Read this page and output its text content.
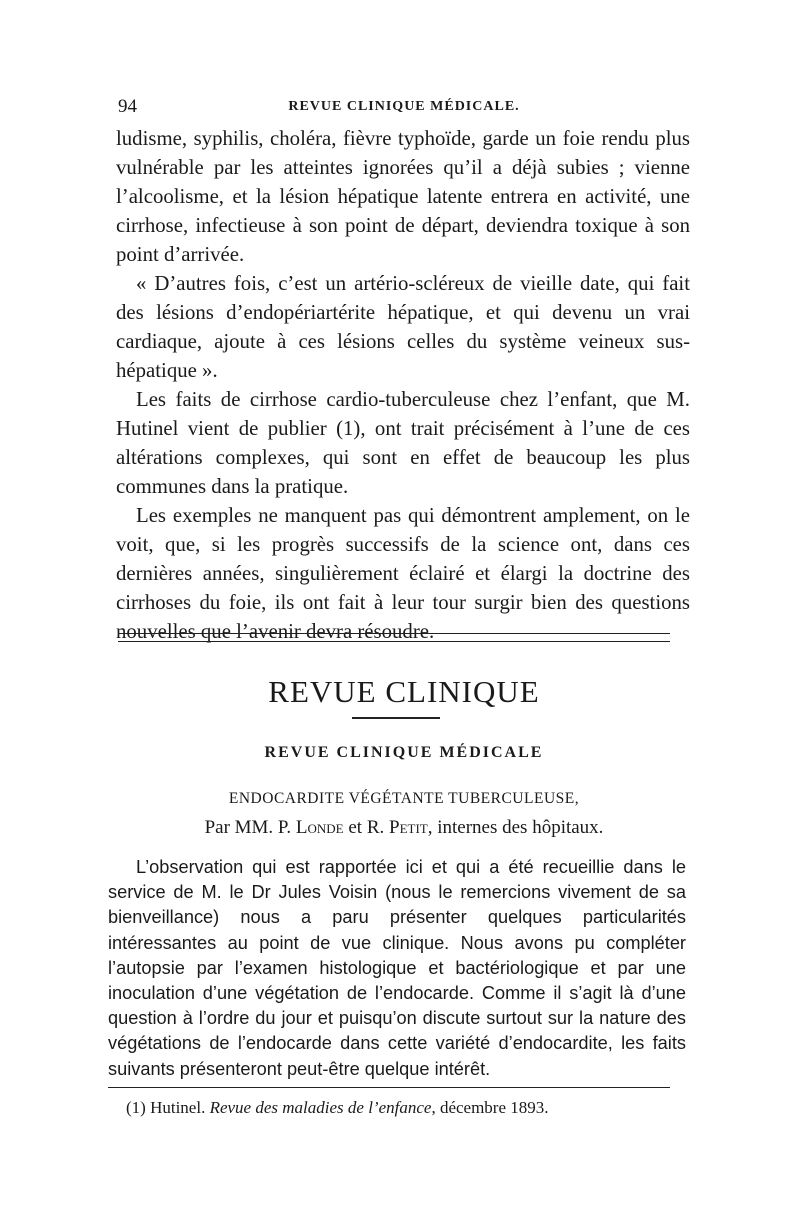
94	REVUE CLINIQUE MÉDICALE.

ludisme, syphilis, choléra, fièvre typhoïde, garde un foie rendu plus vulnérable par les atteintes ignorées qu’il a déjà subies ; vienne l’alcoolisme, et la lésion hépatique latente entrera en activité, une cirrhose, infectieuse à son point de départ, deviendra toxique à son point d’arrivée.

« D’autres fois, c’est un artério-scléreux de vieille date, qui fait des lésions d’endopériartérite hépatique, et qui devenu un vrai cardiaque, ajoute à ces lésions celles du système veineux sus-hépatique ».

Les faits de cirrhose cardio-tuberculeuse chez l’enfant, que M. Hutinel vient de publier (1), ont trait précisément à l’une de ces altérations complexes, qui sont en effet de beaucoup les plus communes dans la pratique.

Les exemples ne manquent pas qui démontrent amplement, on le voit, que, si les progrès successifs de la science ont, dans ces dernières années, singulièrement éclairé et élargi la doctrine des cirrhoses du foie, ils ont fait à leur tour surgir bien des questions nouvelles que l’avenir devra résoudre.

REVUE CLINIQUE
REVUE CLINIQUE MÉDICALE
ENDOCARDITE VÉGÉTANTE TUBERCULEUSE,
Par MM. P. Londe et R. Petit, internes des hôpitaux.

L’observation qui est rapportée ici et qui a été recueillie dans le service de M. le Dr Jules Voisin (nous le remercions vivement de sa bienveillance) nous a paru présenter quelques particularités intéressantes au point de vue clinique. Nous avons pu compléter l’autopsie par l’examen histologique et bactériologique et par une inoculation d’une végétation de l’endocarde. Comme il s’agit là d’une question à l’ordre du jour et puisqu’on discute surtout sur la nature des végétations de l’endocarde dans cette variété d’endocardite, les faits suivants présenteront peut-être quelque intérêt.

(1) Hutinel. Revue des maladies de l’enfance, décembre 1893.
